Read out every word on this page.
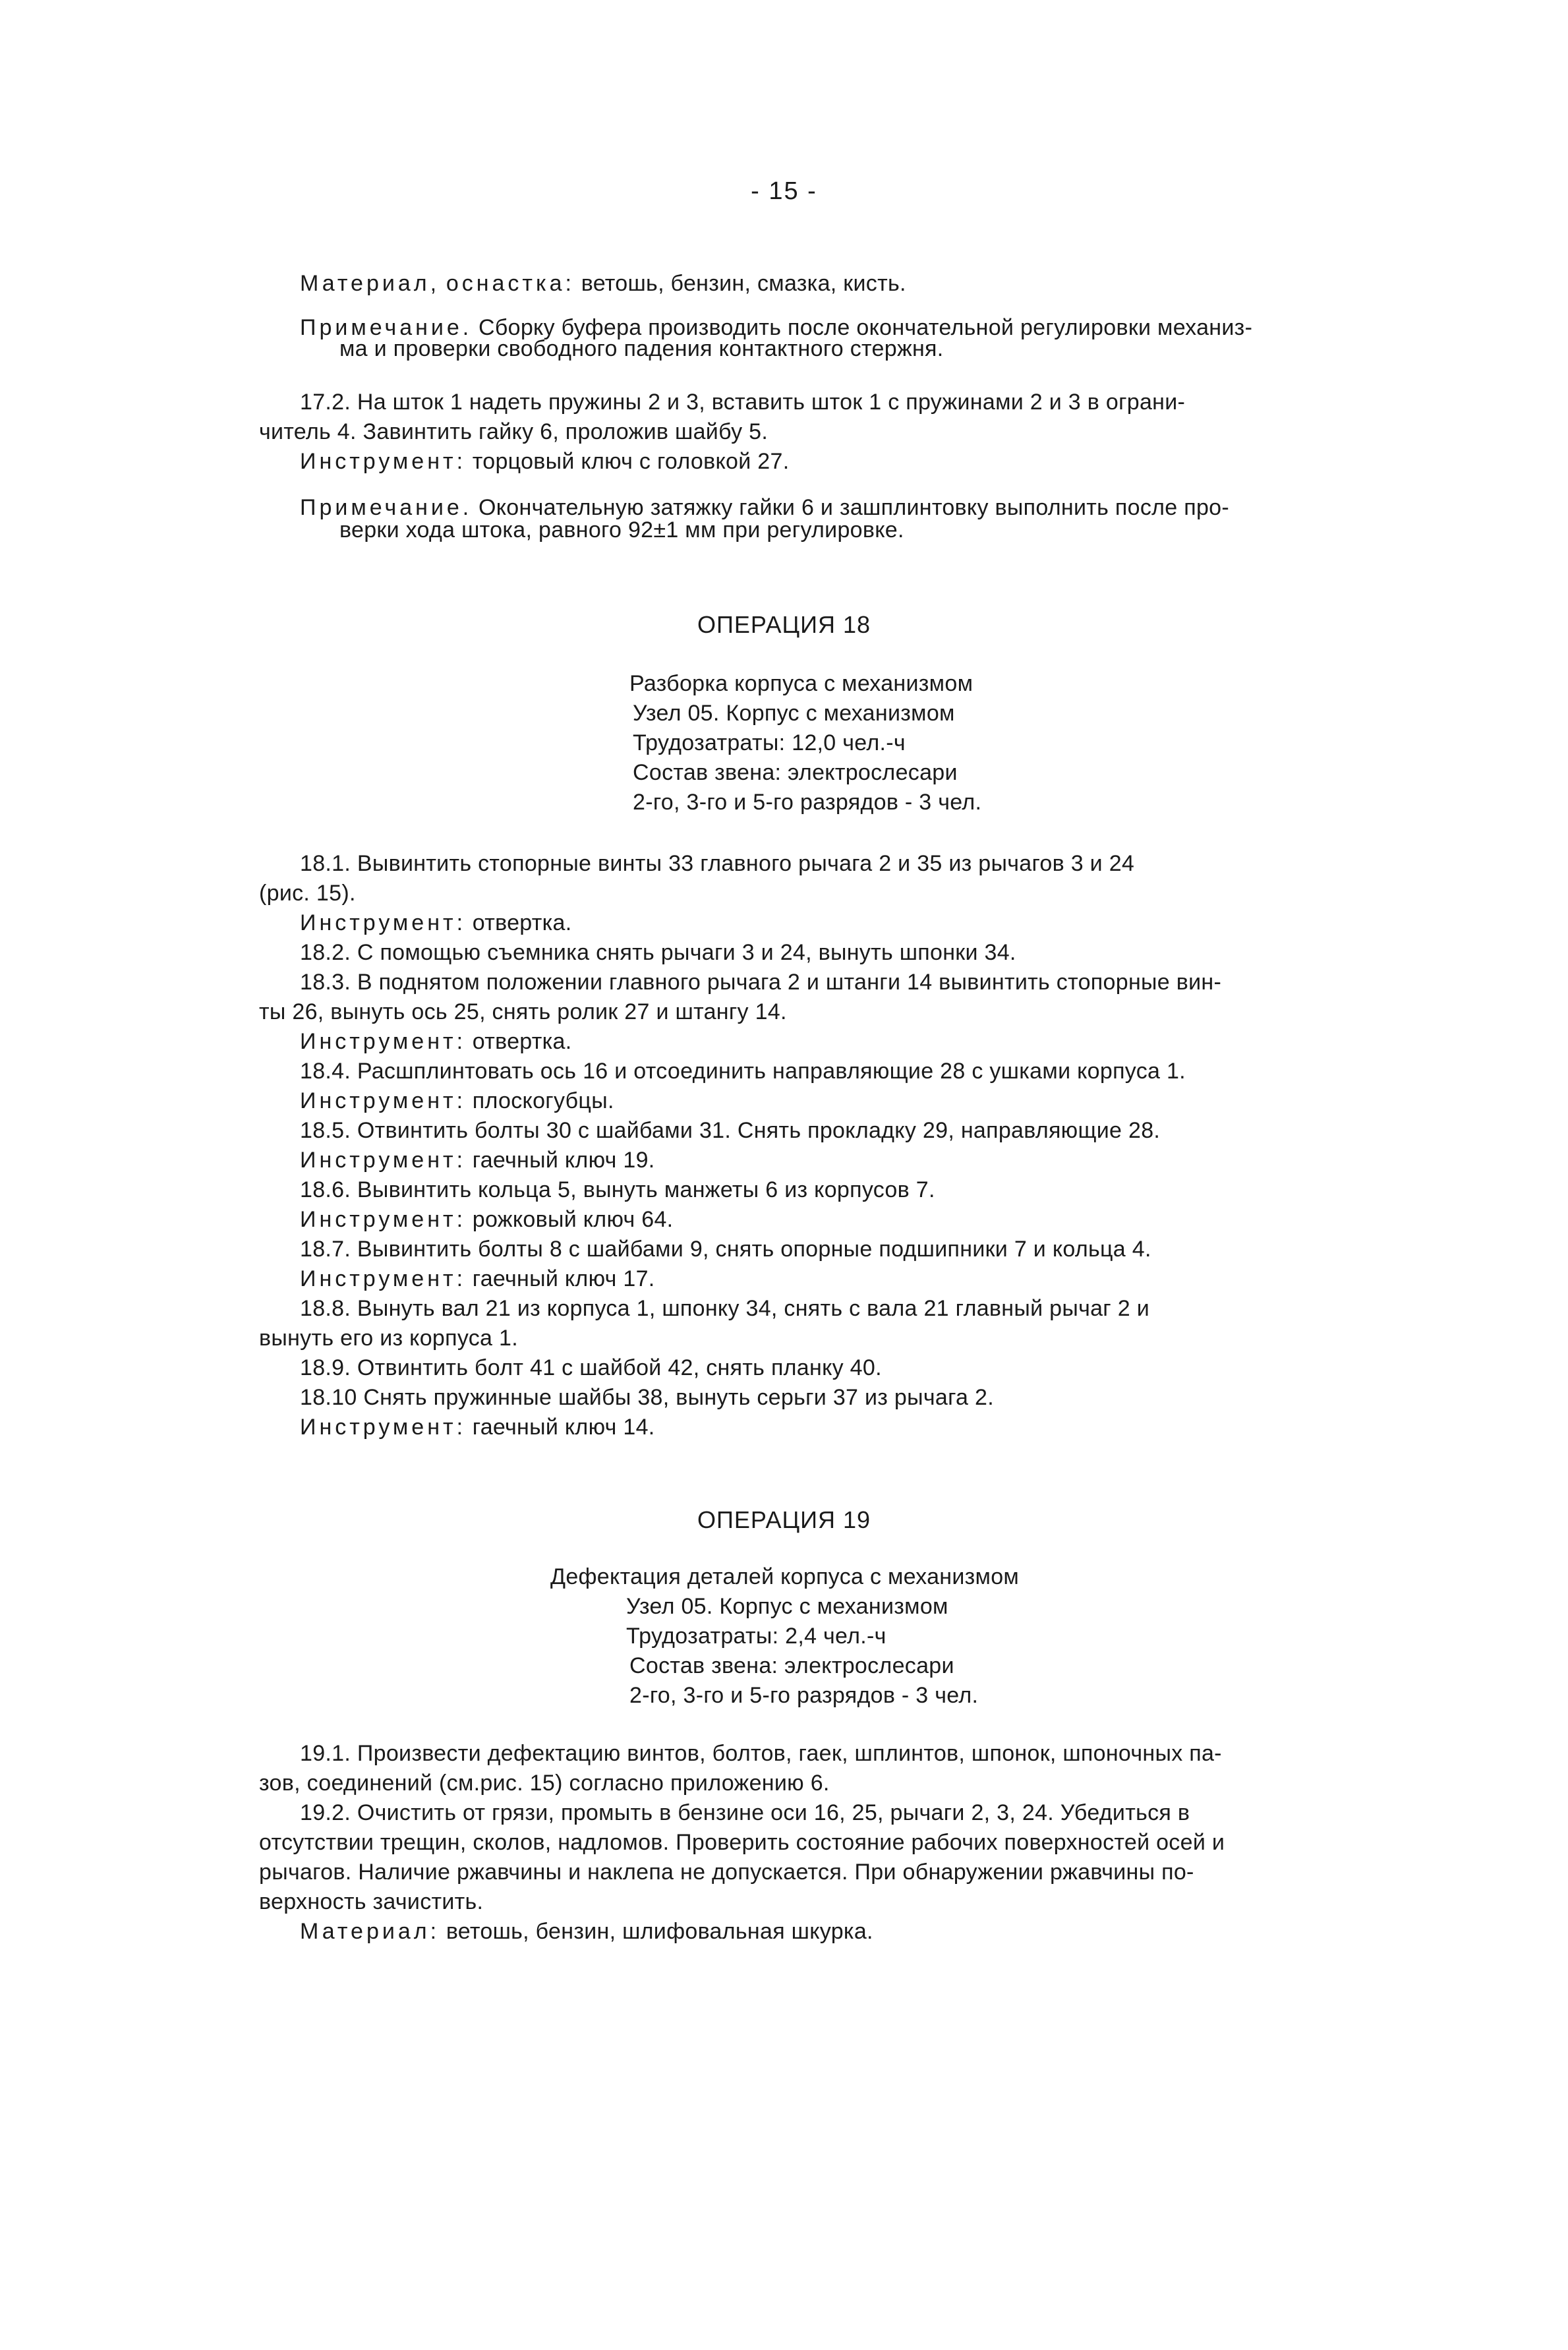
- 15 -
Материал, оснастка: ветошь, бензин, смазка, кисть.
Примечание. Сборку буфера производить после окончательной регулировки механиз-
ма и проверки свободного падения контактного стержня.
17.2. На шток 1 надеть пружины 2 и 3, вставить шток 1 с пружинами 2 и 3 в ограни-
читель 4. Завинтить гайку 6, проложив шайбу 5.
Инструмент: торцовый ключ с головкой 27.
Примечание. Окончательную затяжку гайки 6 и зашплинтовку выполнить после про-
верки хода штока, равного 92±1 мм при регулировке.
ОПЕРАЦИЯ 18
Разборка корпуса с механизмом
Узел 05. Корпус с механизмом
Трудозатраты: 12,0 чел.-ч
Состав звена: электрослесари
2-го, 3-го и 5-го разрядов - 3 чел.
18.1. Вывинтить стопорные винты 33 главного рычага 2 и 35 из рычагов 3 и 24
(рис. 15).
Инструмент: отвертка.
18.2. С помощью съемника снять рычаги 3 и 24, вынуть шпонки 34.
18.3. В поднятом положении главного рычага 2 и штанги 14 вывинтить стопорные вин-
ты 26, вынуть ось 25, снять ролик 27 и штангу 14.
Инструмент: отвертка.
18.4. Расшплинтовать ось 16 и отсоединить направляющие 28 с ушками корпуса 1.
Инструмент: плоскогубцы.
18.5. Отвинтить болты 30 с шайбами 31. Снять прокладку 29, направляющие 28.
Инструмент: гаечный ключ 19.
18.6. Вывинтить кольца 5, вынуть манжеты 6 из корпусов 7.
Инструмент: рожковый ключ 64.
18.7. Вывинтить болты 8 с шайбами 9, снять опорные подшипники 7 и кольца 4.
Инструмент: гаечный ключ 17.
18.8. Вынуть вал 21 из корпуса 1, шпонку 34, снять с вала 21 главный рычаг 2 и
вынуть его из корпуса 1.
18.9. Отвинтить болт 41 с шайбой 42, снять планку 40.
18.10 Снять пружинные шайбы 38, вынуть серьги 37 из рычага 2.
Инструмент: гаечный ключ 14.
ОПЕРАЦИЯ 19
Дефектация деталей корпуса с механизмом
Узел 05. Корпус с механизмом
Трудозатраты: 2,4 чел.-ч
Состав звена: электрослесари
2-го, 3-го и 5-го разрядов - 3 чел.
19.1. Произвести дефектацию винтов, болтов, гаек, шплинтов, шпонок, шпоночных па-
зов, соединений (см.рис. 15) согласно приложению 6.
19.2. Очистить от грязи, промыть в бензине оси 16, 25, рычаги 2, 3, 24. Убедиться в
отсутствии трещин, сколов, надломов. Проверить состояние рабочих поверхностей осей и
рычагов. Наличие ржавчины и наклепа не допускается. При обнаружении ржавчины по-
верхность зачистить.
Материал: ветошь, бензин, шлифовальная шкурка.
